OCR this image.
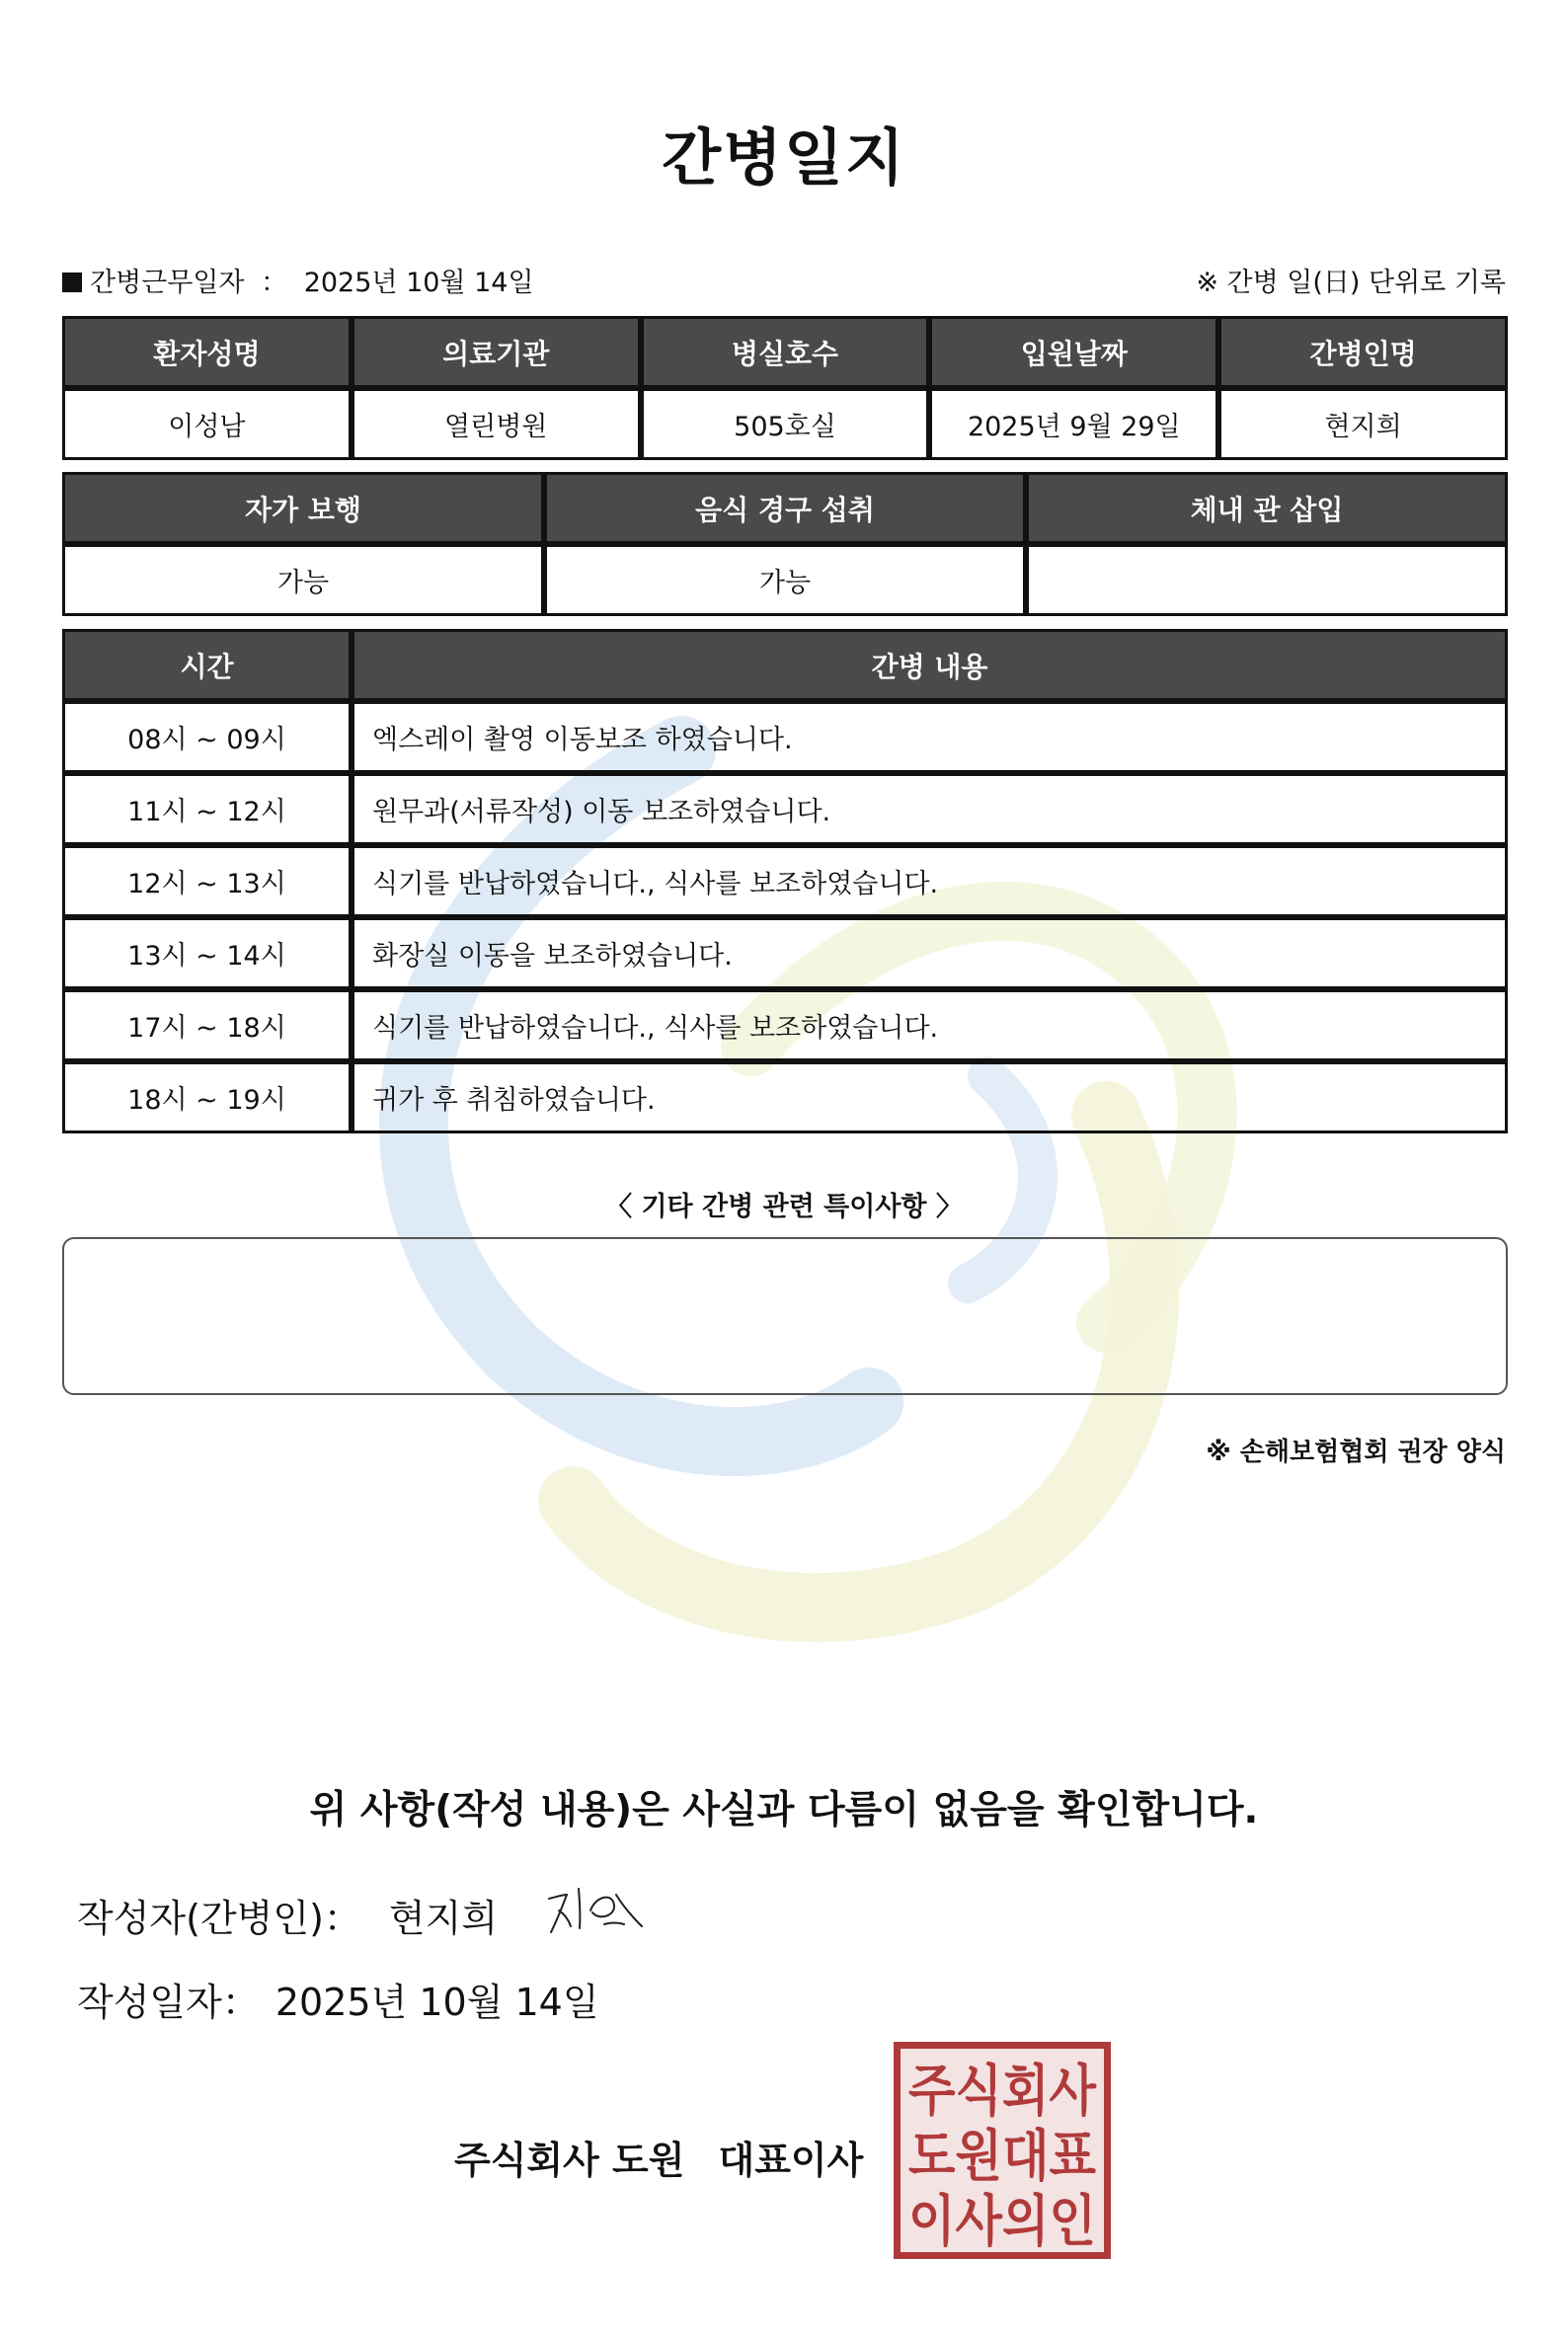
간병일지
간병근무일자 ： 2025년 10월 14일	※ 간병 일(日) 단위로 기록
환자성명	의료기관	병실호수	입원날짜	간병인명
이성남	열린병원	505호실	2025년 9월 29일	현지희
자가 보행	음식 경구 섭취	체내 관 삽입
가능	가능	
시간	간병 내용
08시 ~ 09시	엑스레이 촬영 이동보조 하였습니다.
11시 ~ 12시	원무과(서류작성) 이동 보조하였습니다.
12시 ~ 13시	식기를 반납하였습니다., 식사를 보조하였습니다.
13시 ~ 14시	화장실 이동을 보조하였습니다.
17시 ~ 18시	식기를 반납하였습니다., 식사를 보조하였습니다.
18시 ~ 19시	귀가 후 취침하였습니다.
〈 기타 간병 관련 특이사항 〉
※ 손해보험협회 권장 양식
위 사항(작성 내용)은 사실과 다름이 없음을 확인합니다.
작성자(간병인)： 현지희
작성일자： 2025년 10월 14일
주식회사 도원 대표이사
주식회사
도원대표
이사의인
